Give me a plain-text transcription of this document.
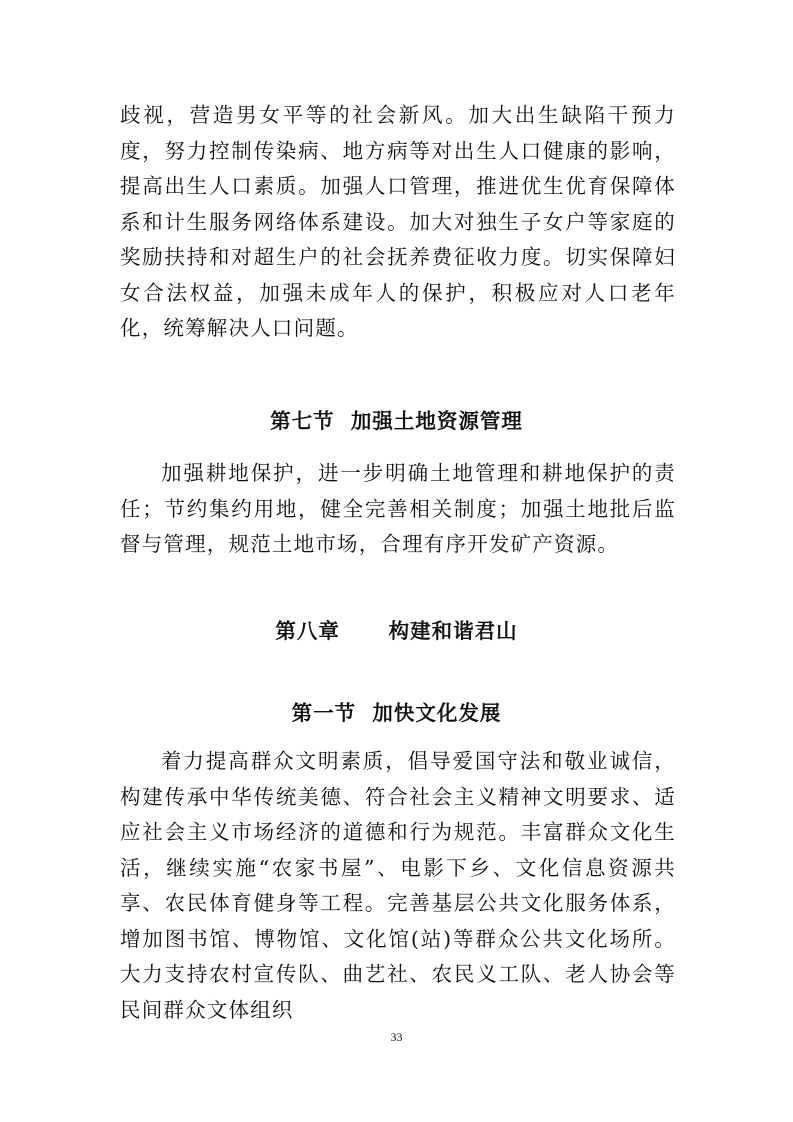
歧视，营造男女平等的社会新风。加大出生缺陷干预力度，努力控制传染病、地方病等对出生人口健康的影响，提高出生人口素质。加强人口管理，推进优生优育保障体系和计生服务网络体系建设。加大对独生子女户等家庭的奖励扶持和对超生户的社会抚养费征收力度。切实保障妇女合法权益，加强未成年人的保护，积极应对人口老年化，统筹解决人口问题。

第七节  加强土地资源管理

加强耕地保护，进一步明确土地管理和耕地保护的责任；节约集约用地，健全完善相关制度；加强土地批后监督与管理，规范土地市场，合理有序开发矿产资源。

第八章      构建和谐君山
第一节  加快文化发展

着力提高群众文明素质，倡导爱国守法和敬业诚信，构建传承中华传统美德、符合社会主义精神文明要求、适应社会主义市场经济的道德和行为规范。丰富群众文化生活，继续实施“农家书屋”、电影下乡、文化信息资源共享、农民体育健身等工程。完善基层公共文化服务体系，增加图书馆、博物馆、文化馆(站)等群众公共文化场所。大力支持农村宣传队、曲艺社、农民义工队、老人协会等民间群众文体组织

33
